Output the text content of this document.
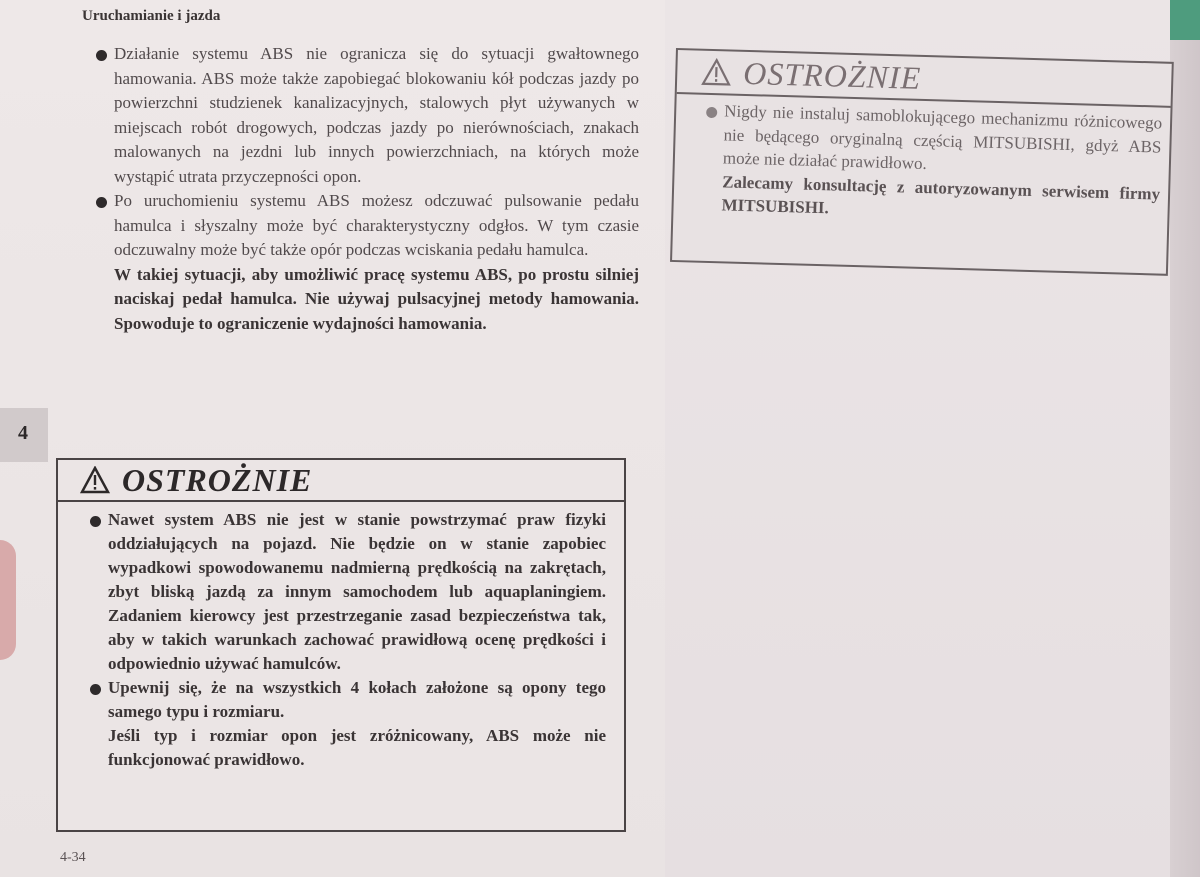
Uruchamianie i jazda
4
Działanie systemu ABS nie ogranicza się do sytuacji gwałtownego hamowania. ABS może także zapobiegać blokowaniu kół podczas jazdy po powierzchni studzienek kanalizacyjnych, stalowych płyt używanych w miejscach robót drogowych, podczas jazdy po nierównościach, znakach malowanych na jezdni lub innych powierzchniach, na których może wystąpić utrata przyczepności opon.
Po uruchomieniu systemu ABS możesz odczuwać pulsowanie pedału hamulca i słyszalny może być charakterystyczny odgłos. W tym czasie odczuwalny może być także opór podczas wciskania pedału hamulca.
W takiej sytuacji, aby umożliwić pracę systemu ABS, po prostu silniej naciskaj pedał hamulca. Nie używaj pulsacyjnej metody hamowania. Spowoduje to ograniczenie wydajności hamowania.
OSTROŻNIE
Nawet system ABS nie jest w stanie powstrzymać praw fizyki oddziałujących na pojazd. Nie będzie on w stanie zapobiec wypadkowi spowodowanemu nadmierną prędkością na zakrętach, zbyt bliską jazdą za innym samochodem lub aquaplaningiem. Zadaniem kierowcy jest przestrzeganie zasad bezpieczeństwa tak, aby w takich warunkach zachować prawidłową ocenę prędkości i odpowiednio używać hamulców.
Upewnij się, że na wszystkich 4 kołach założone są opony tego samego typu i rozmiaru.
Jeśli typ i rozmiar opon jest zróżnicowany, ABS może nie funkcjonować prawidłowo.
OSTROŻNIE
Nigdy nie instaluj samoblokującego mechanizmu różnicowego nie będącego oryginalną częścią MITSUBISHI, gdyż ABS może nie działać prawidłowo.
Zalecamy konsultację z autoryzowanym serwisem firmy MITSUBISHI.
4-34
